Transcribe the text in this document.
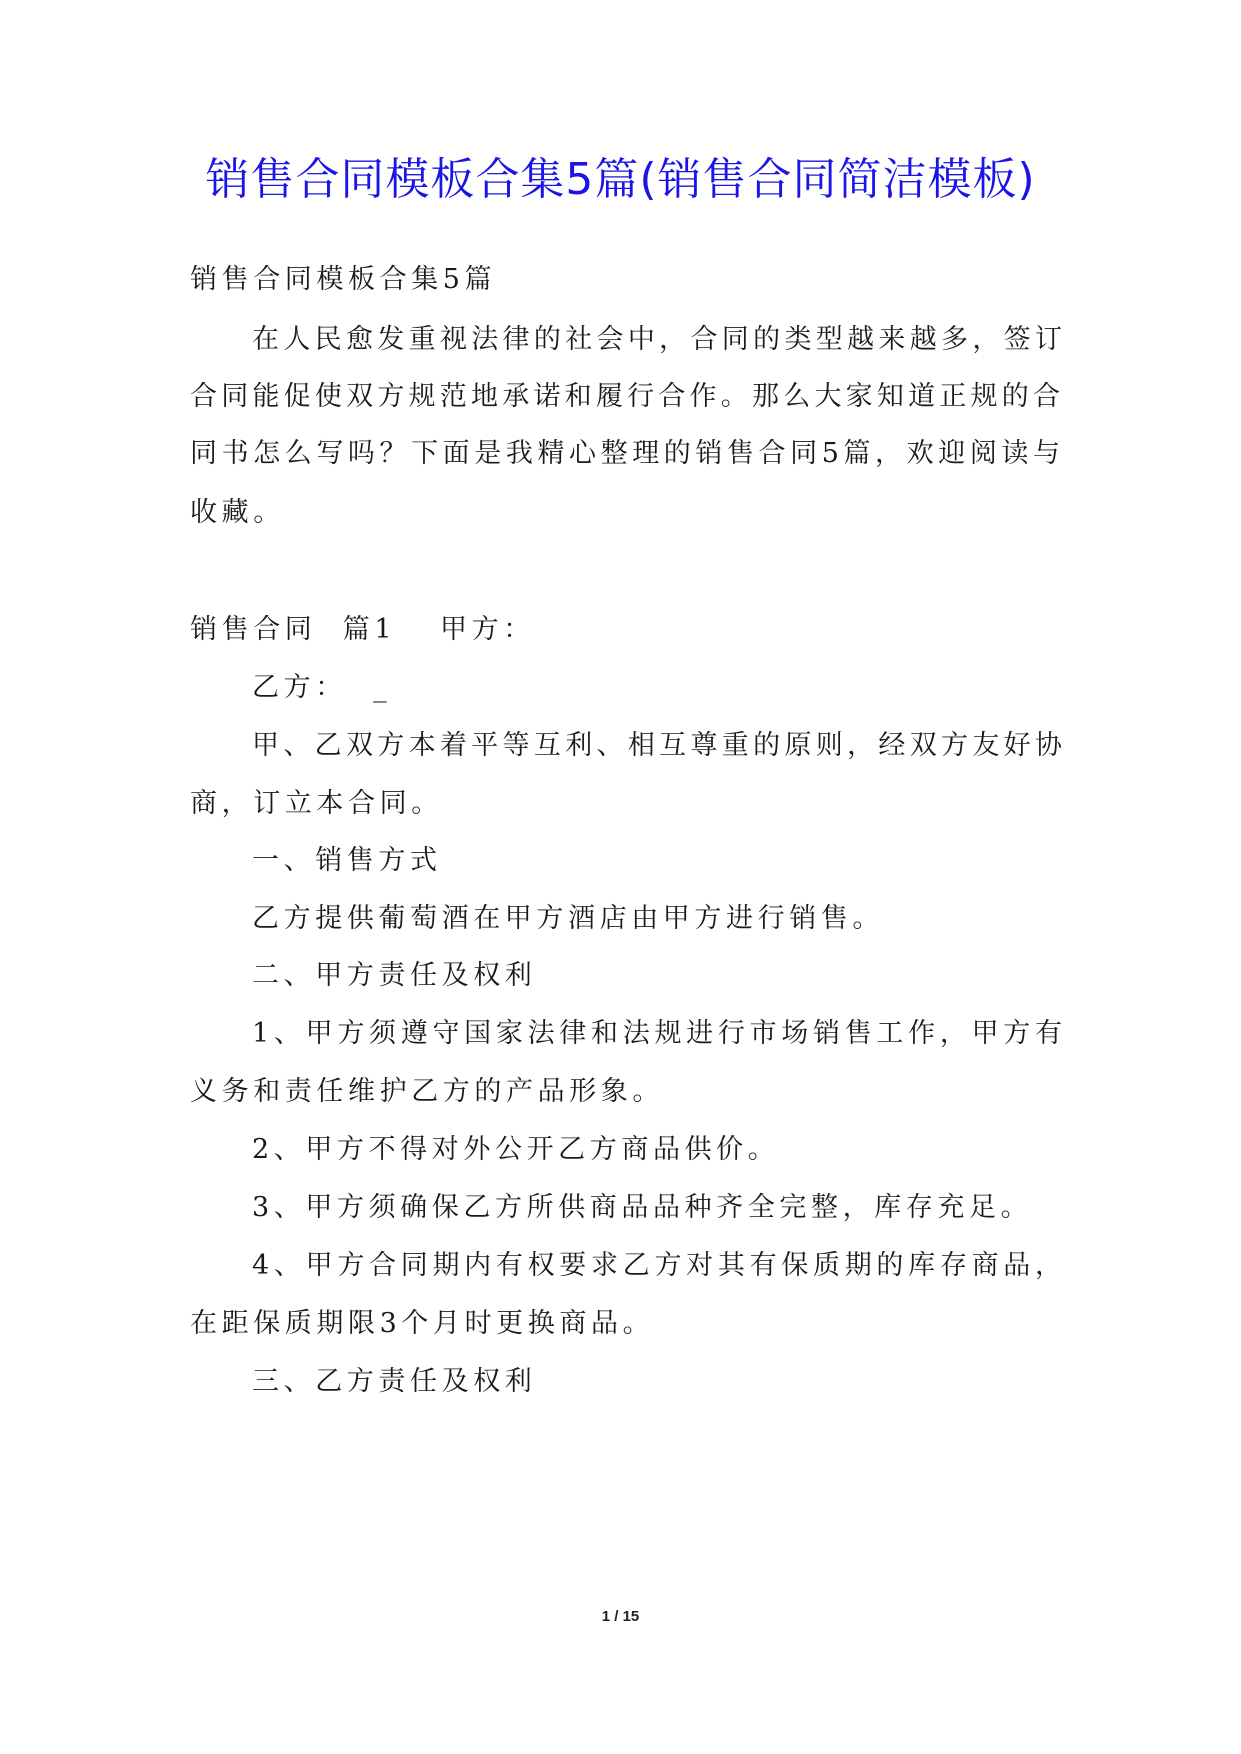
销售合同模板合集5篇(销售合同简洁模板)

销售合同模板合集5篇

在人民愈发重视法律的社会中，合同的类型越来越多，签订

合同能促使双方规范地承诺和履行合作。那么大家知道正规的合

同书怎么写吗？下面是我精心整理的销售合同5篇，欢迎阅读与

收藏。

销售合同  篇1	甲方：

乙方：  _

甲、乙双方本着平等互利、相互尊重的原则，经双方友好协

商，订立本合同。

一、销售方式

乙方提供葡萄酒在甲方酒店由甲方进行销售。

二、甲方责任及权利

1、甲方须遵守国家法律和法规进行市场销售工作，甲方有

义务和责任维护乙方的产品形象。

2、甲方不得对外公开乙方商品供价。

3、甲方须确保乙方所供商品品种齐全完整，库存充足。

4、甲方合同期内有权要求乙方对其有保质期的库存商品，

在距保质期限3个月时更换商品。

三、乙方责任及权利

1 / 15
